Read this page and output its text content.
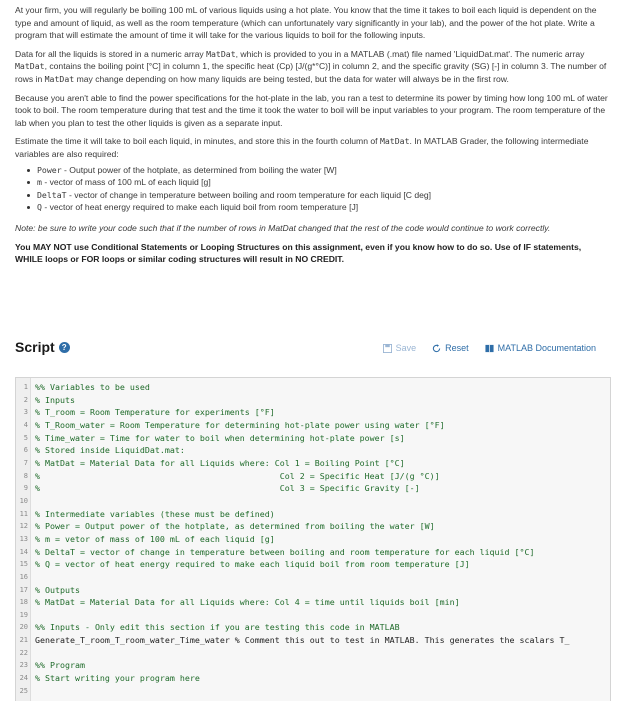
At your firm, you will regularly be boiling 100 mL of various liquids using a hot plate. You know that the time it takes to boil each liquid is dependent on the type and amount of liquid, as well as the room temperature (which can unfortunately vary significantly in your lab), and the power of the hot plate. Write a program that will estimate the amount of time it will take for the various liquids to boil for the following inputs.

Data for all the liquids is stored in a numeric array MatDat, which is provided to you in a MATLAB (.mat) file named 'LiquidDat.mat'. The numeric array MatDat, contains the boiling point [°C] in column 1, the specific heat (Cp) [J/(g*°C)] in column 2, and the specific gravity (SG) [-] in column 3. The number of rows in MatDat may change depending on how many liquids are being tested, but the data for water will always be in the first row.

Because you aren't able to find the power specifications for the hot-plate in the lab, you ran a test to determine its power by timing how long 100 mL of water took to boil. The room temperature during that test and the time it took the water to boil will be input variables to your program. The room temperature of the lab when you plan to test the other liquids is given as a separate input.

Estimate the time it will take to boil each liquid, in minutes, and store this in the fourth column of MatDat. In MATLAB Grader, the following intermediate variables are also required:

Power - Output power of the hotplate, as determined from boiling the water [W]
m - vector of mass of 100 mL of each liquid [g]
DeltaT - vector of change in temperature between boiling and room temperature for each liquid [C deg]
Q - vector of heat energy required to make each liquid boil from room temperature [J]

Note: be sure to write your code such that if the number of rows in MatDat changed that the rest of the code would continue to work correctly.

You MAY NOT use Conditional Statements or Looping Structures on this assignment, even if you know how to do so. Use of IF statements, WHILE loops or FOR loops or similar coding structures will result in NO CREDIT.

Script ?	Save	Reset	MATLAB Documentation
1 %% Variables to be used
2 % Inputs
3 % T_room = Room Temperature for experiments [°F]
4 % T_Room_water = Room Temperature for determining hot-plate power using water [°F]
5 % Time_water = Time for water to boil when determining hot-plate power [s]
6 % Stored inside LiquidDat.mat:
7 % MatDat = Material Data for all Liquids where: Col 1 = Boiling Point [°C]
8 %                                                Col 2 = Specific Heat [J/(g °C)]
9 %                                                Col 3 = Specific Gravity [-]
10
11 % Intermediate variables (these must be defined)
12 % Power = Output power of the hotplate, as determined from boiling the water [W]
13 % m = vetor of mass of 100 mL of each liquid [g]
14 % DeltaT = vector of change in temperature between boiling and room temperature for each liquid [°C]
15 % Q = vector of heat energy required to make each liquid boil from room temperature [J]
16
17 % Outputs
18 % MatDat = Material Data for all Liquids where: Col 4 = time until liquids boil [min]
19
20 %% Inputs - Only edit this section if you are testing this code in MATLAB
21 Generate_T_room_T_room_water_Time_water % Comment this out to test in MATLAB. This generates the scalars T_
22
23 %% Program
24 % Start writing your program here
25
